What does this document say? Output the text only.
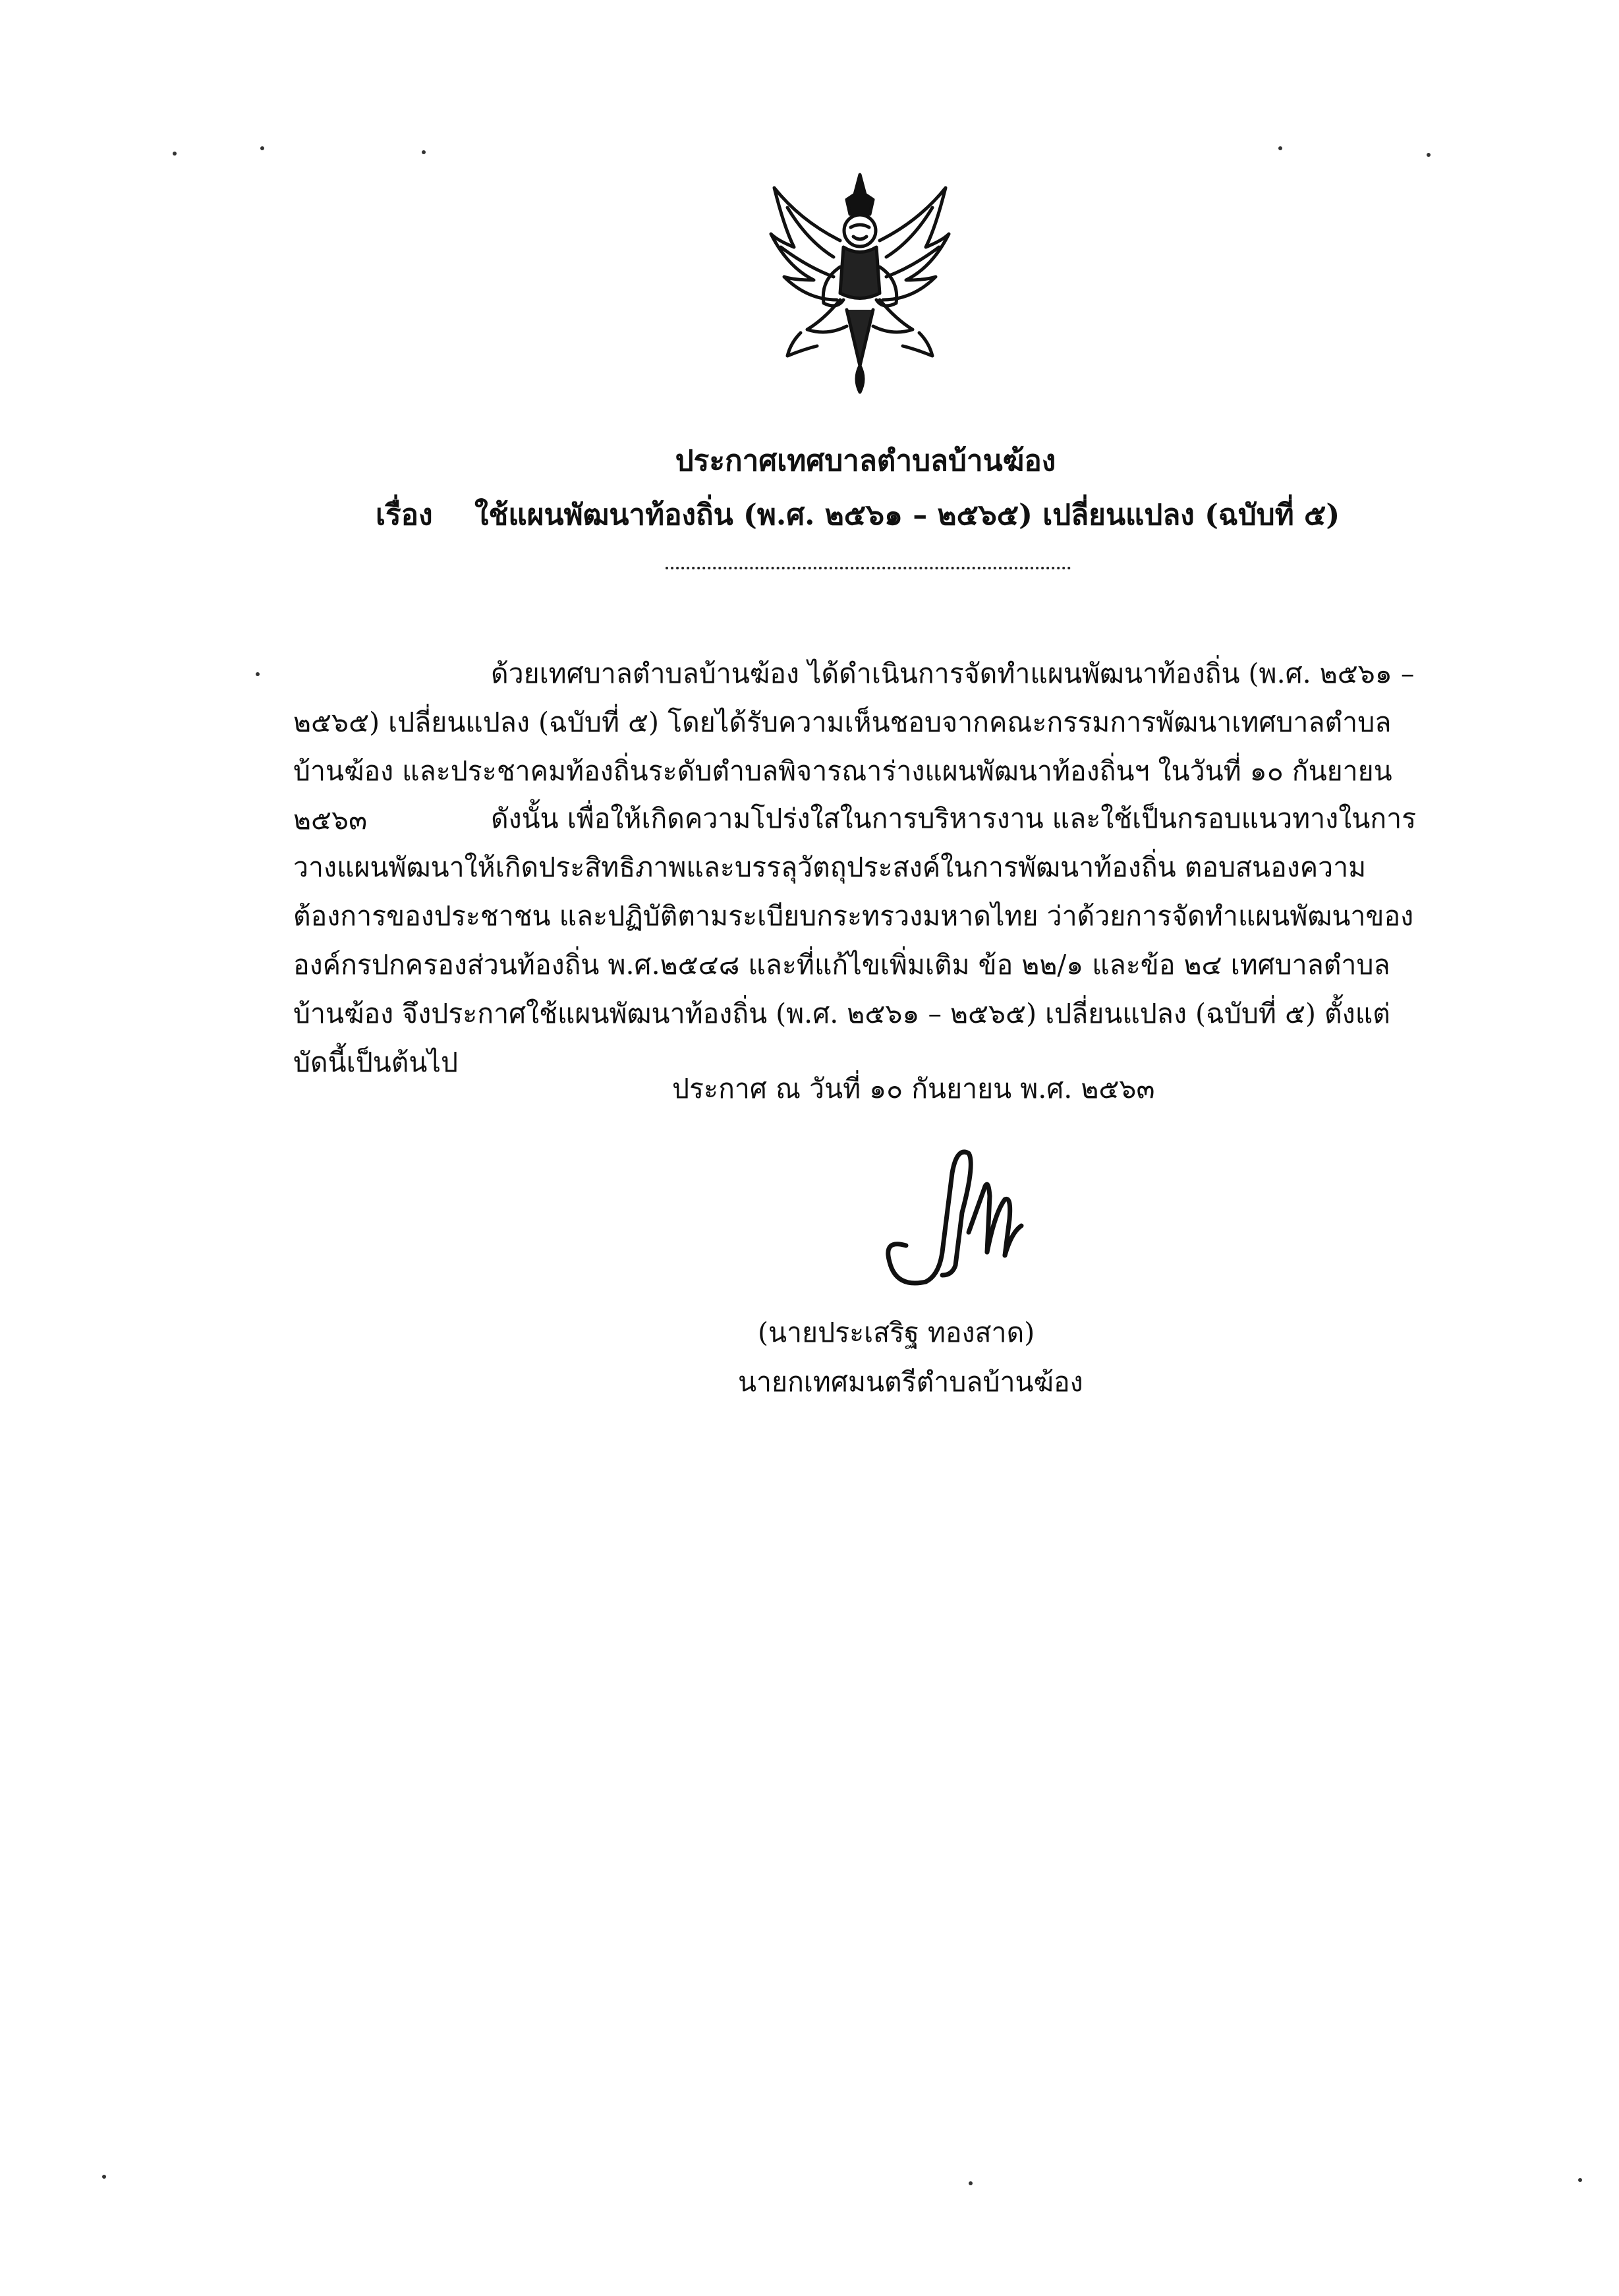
ประกาศเทศบาลตำบลบ้านฆ้อง
เรื่อง ใช้แผนพัฒนาท้องถิ่น (พ.ศ. ๒๕๖๑ – ๒๕๖๕) เปลี่ยนแปลง (ฉบับที่ ๕)

ด้วยเทศบาลตำบลบ้านฆ้อง ได้ดำเนินการจัดทำแผนพัฒนาท้องถิ่น (พ.ศ. ๒๕๖๑ – ๒๕๖๕) เปลี่ยนแปลง (ฉบับที่ ๕) โดยได้รับความเห็นชอบจากคณะกรรมการพัฒนาเทศบาลตำบลบ้านฆ้อง และประชาคมท้องถิ่นระดับตำบลพิจารณาร่างแผนพัฒนาท้องถิ่นฯ ในวันที่ ๑๐ กันยายน ๒๕๖๓	ดังนั้น เพื่อให้เกิดความโปร่งใสในการบริหารงาน และใช้เป็นกรอบแนวทางในการวางแผนพัฒนาให้เกิดประสิทธิภาพและบรรลุวัตถุประสงค์ในการพัฒนาท้องถิ่น ตอบสนองความต้องการของประชาชน และปฏิบัติตามระเบียบกระทรวงมหาดไทย ว่าด้วยการจัดทำแผนพัฒนาขององค์กรปกครองส่วนท้องถิ่น พ.ศ.๒๕๔๘ และที่แก้ไขเพิ่มเติม ข้อ ๒๒/๑ และข้อ ๒๔ เทศบาลตำบลบ้านฆ้อง จึงประกาศใช้แผนพัฒนาท้องถิ่น (พ.ศ. ๒๕๖๑ – ๒๕๖๕) เปลี่ยนแปลง (ฉบับที่ ๕) ตั้งแต่บัดนี้เป็นต้นไป

ประกาศ ณ วันที่ ๑๐ กันยายน พ.ศ. ๒๕๖๓
(นายประเสริฐ ทองสาด)
นายกเทศมนตรีตำบลบ้านฆ้อง
